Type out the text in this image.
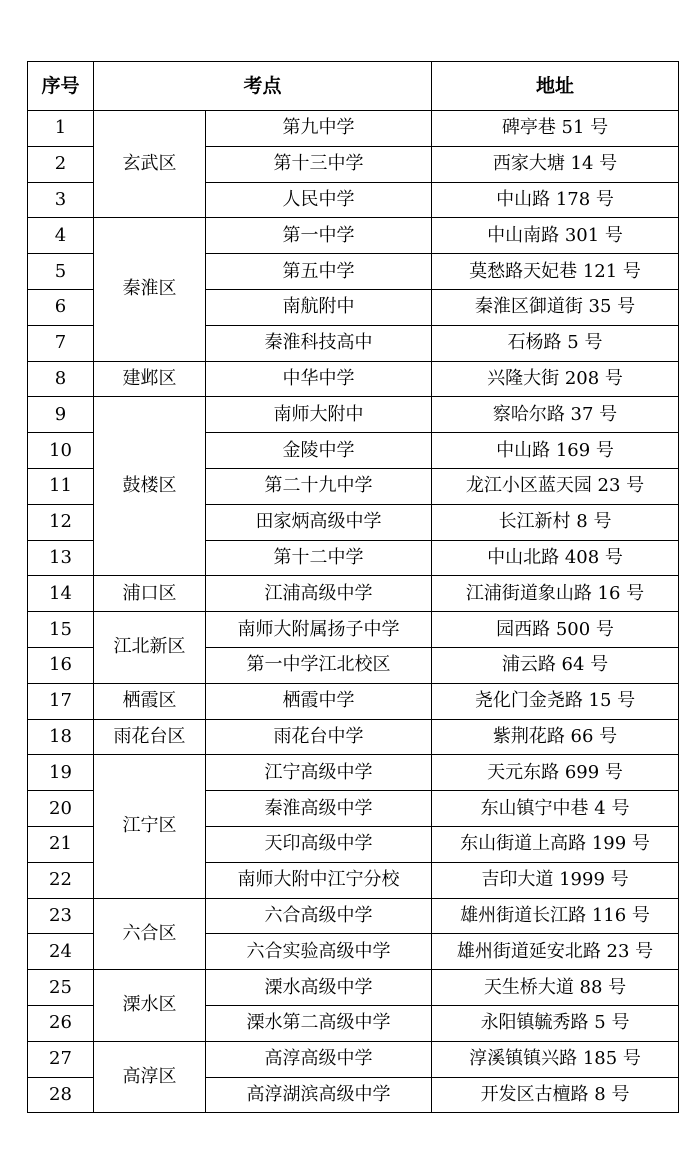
序号	考点		地址
1	玄武区	第九中学	碑亭巷 51 号
2		第十三中学	西家大塘 14 号
3		人民中学	中山路 178 号
4	秦淮区	第一中学	中山南路 301 号
5		第五中学	莫愁路天妃巷 121 号
6		南航附中	秦淮区御道街 35 号
7		秦淮科技高中	石杨路 5 号
8	建邺区	中华中学	兴隆大街 208 号
9	鼓楼区	南师大附中	察哈尔路 37 号
10		金陵中学	中山路 169 号
11		第二十九中学	龙江小区蓝天园 23 号
12		田家炳高级中学	长江新村 8 号
13		第十二中学	中山北路 408 号
14	浦口区	江浦高级中学	江浦街道象山路 16 号
15	江北新区	南师大附属扬子中学	园西路 500 号
16		第一中学江北校区	浦云路 64 号
17	栖霞区	栖霞中学	尧化门金尧路 15 号
18	雨花台区	雨花台中学	紫荆花路 66 号
19	江宁区	江宁高级中学	天元东路 699 号
20		秦淮高级中学	东山镇宁中巷 4 号
21		天印高级中学	东山街道上高路 199 号
22		南师大附中江宁分校	吉印大道 1999 号
23	六合区	六合高级中学	雄州街道长江路 116 号
24		六合实验高级中学	雄州街道延安北路 23 号
25	溧水区	溧水高级中学	天生桥大道 88 号
26		溧水第二高级中学	永阳镇毓秀路 5 号
27	高淳区	高淳高级中学	淳溪镇镇兴路 185 号
28		高淳湖滨高级中学	开发区古檀路 8 号
